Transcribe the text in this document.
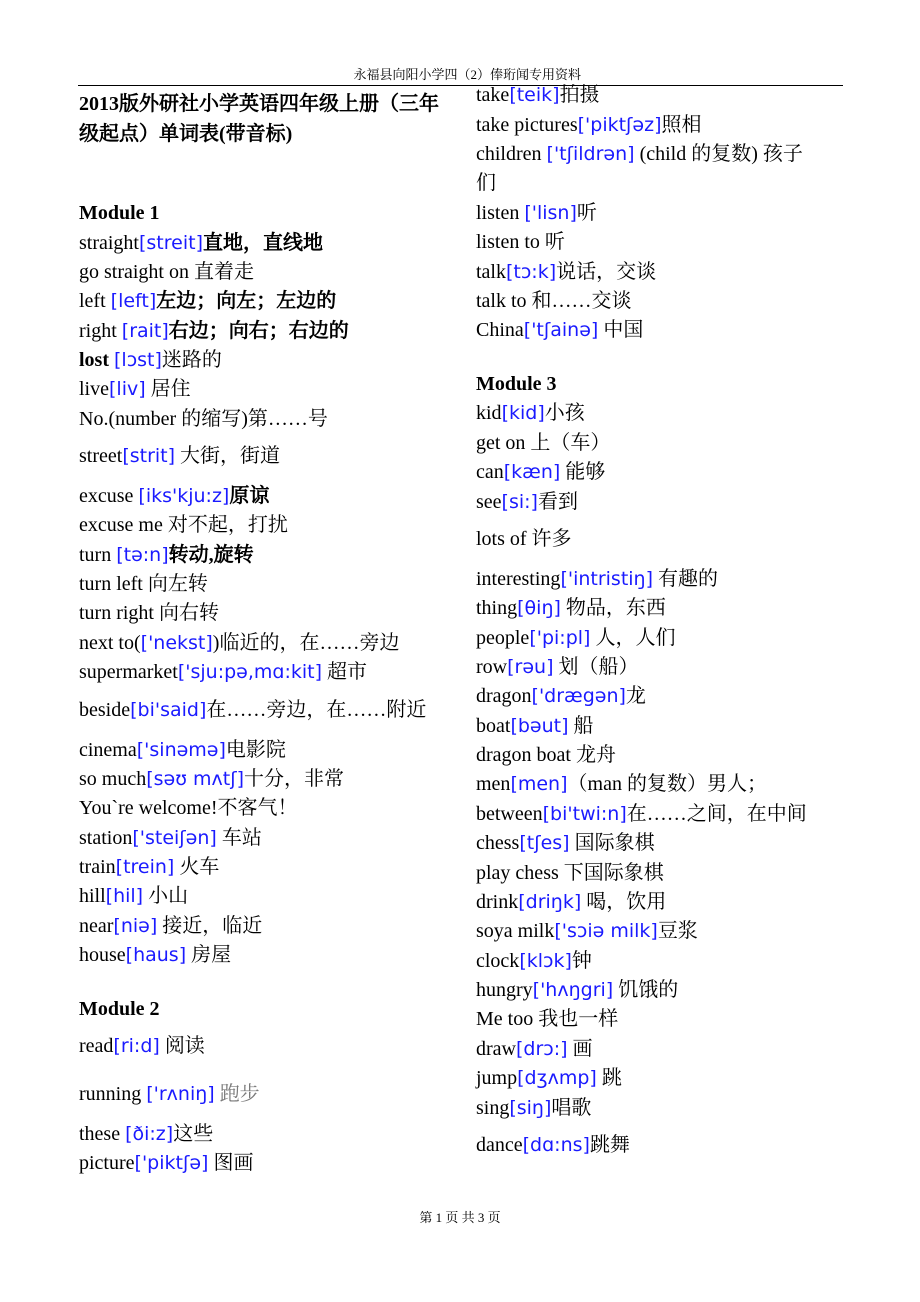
永福县向阳小学四（2）俸珩闻专用资料
2013版外研社小学英语四年级上册（三年级起点）单词表(带音标)
Module 1
straight[streit]直地，直线地
go straight on 直着走
left [left]左边；向左；左边的
right [rait]右边；向右；右边的
lost [lɔst]迷路的
live[liv] 居住
No.(number 的缩写)第……号
street[strit] 大街，街道
excuse [iks'kju:z]原谅
excuse me 对不起，打扰
turn [tə:n]转动,旋转
turn left 向左转
turn right 向右转
next to(['nekst])临近的，在……旁边
supermarket['sju:pə,mɑ:kit] 超市
beside[bi'said]在……旁边，在……附近
cinema['sinəmə]电影院
so much[səʊ mʌtʃ]十分，非常
You`re welcome!不客气！
station['steiʃən] 车站
train[trein] 火车
hill[hil] 小山
near[niə] 接近，临近
house[haus] 房屋
Module 2
read[ri:d] 阅读
running ['rʌniŋ] 跑步
these [ði:z]这些
picture['piktʃə] 图画
take[teik]拍摄
take pictures['piktʃəz]照相
children ['tʃildrən] (child 的复数) 孩子
们
listen ['lisn]听
listen to 听
talk[tɔ:k]说话，交谈
talk to 和……交谈
China['tʃainə] 中国
Module 3
kid[kid]小孩
get on 上（车）
can[kæn] 能够
see[si:]看到
lots of 许多
interesting['intristiŋ] 有趣的
thing[θiŋ] 物品，东西
people['pi:pl] 人，人们
row[rəu] 划（船）
dragon['drægən]龙
boat[bəut] 船
dragon boat 龙舟
men[men]（man 的复数）男人；
between[bi'twi:n]在……之间，在中间
chess[tʃes] 国际象棋
play chess 下国际象棋
drink[driŋk] 喝，饮用
soya milk['sɔiə milk]豆浆
clock[klɔk]钟
hungry['hʌŋgri] 饥饿的
Me too 我也一样
draw[drɔ:] 画
jump[dʒʌmp] 跳
sing[siŋ]唱歌
dance[dɑ:ns]跳舞
第 1 页 共 3 页
